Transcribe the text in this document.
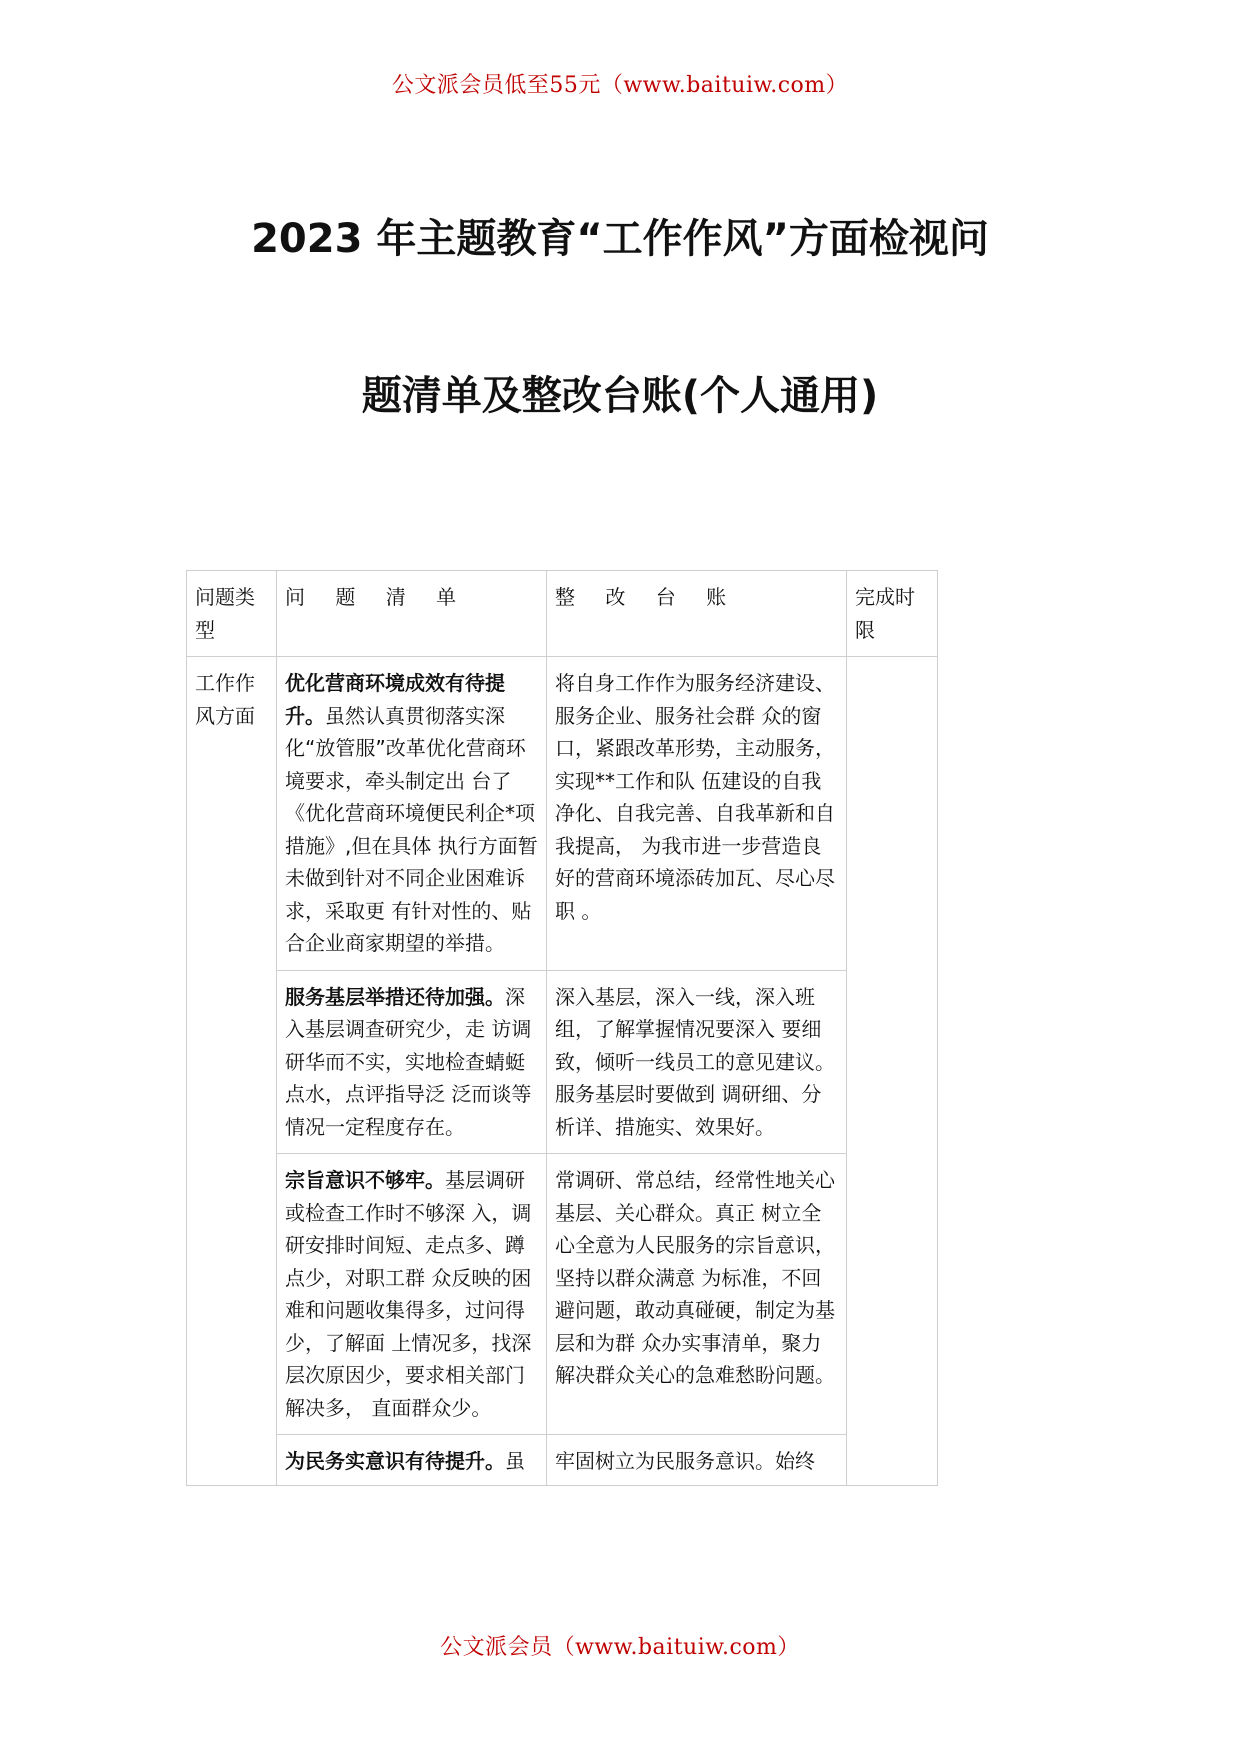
公文派会员低至55元（www.baituiw.com）
2023 年主题教育“工作作风”方面检视问
题清单及整改台账(个人通用)
问题类型	问 题 清 单	整 改 台 账	完成时限
工作作风方面	优化营商环境成效有待提升。虽然认真贯彻落实深化“放管服”改革优化营商环境要求，牵头制定出 台了《优化营商环境便民利企*项措施》,但在具体 执行方面暂未做到针对不同企业困难诉求，采取更 有针对性的、贴合企业商家期望的举措。	将自身工作作为服务经济建设、服务企业、服务社会群 众的窗口，紧跟改革形势，主动服务，实现**工作和队 伍建设的自我净化、自我完善、自我革新和自我提高， 为我市进一步营造良好的营商环境添砖加瓦、尽心尽 职 。	
	服务基层举措还待加强。深入基层调查研究少，走 访调研华而不实，实地检查蜻蜓点水，点评指导泛 泛而谈等情况一定程度存在。	深入基层，深入一线，深入班组，了解掌握情况要深入 要细致，倾听一线员工的意见建议。服务基层时要做到 调研细、分析详、措施实、效果好。	
	宗旨意识不够牢。基层调研或检查工作时不够深 入，调研安排时间短、走点多、蹲点少，对职工群 众反映的困难和问题收集得多，过问得少，了解面 上情况多，找深层次原因少，要求相关部门解决多， 直面群众少。	常调研、常总结，经常性地关心基层、关心群众。真正 树立全心全意为人民服务的宗旨意识，坚持以群众满意 为标准，不回避问题，敢动真碰硬，制定为基层和为群 众办实事清单，聚力解决群众关心的急难愁盼问题。	
	为民务实意识有待提升。虽	牢固树立为民服务意识。始终	
公文派会员（www.baituiw.com）
